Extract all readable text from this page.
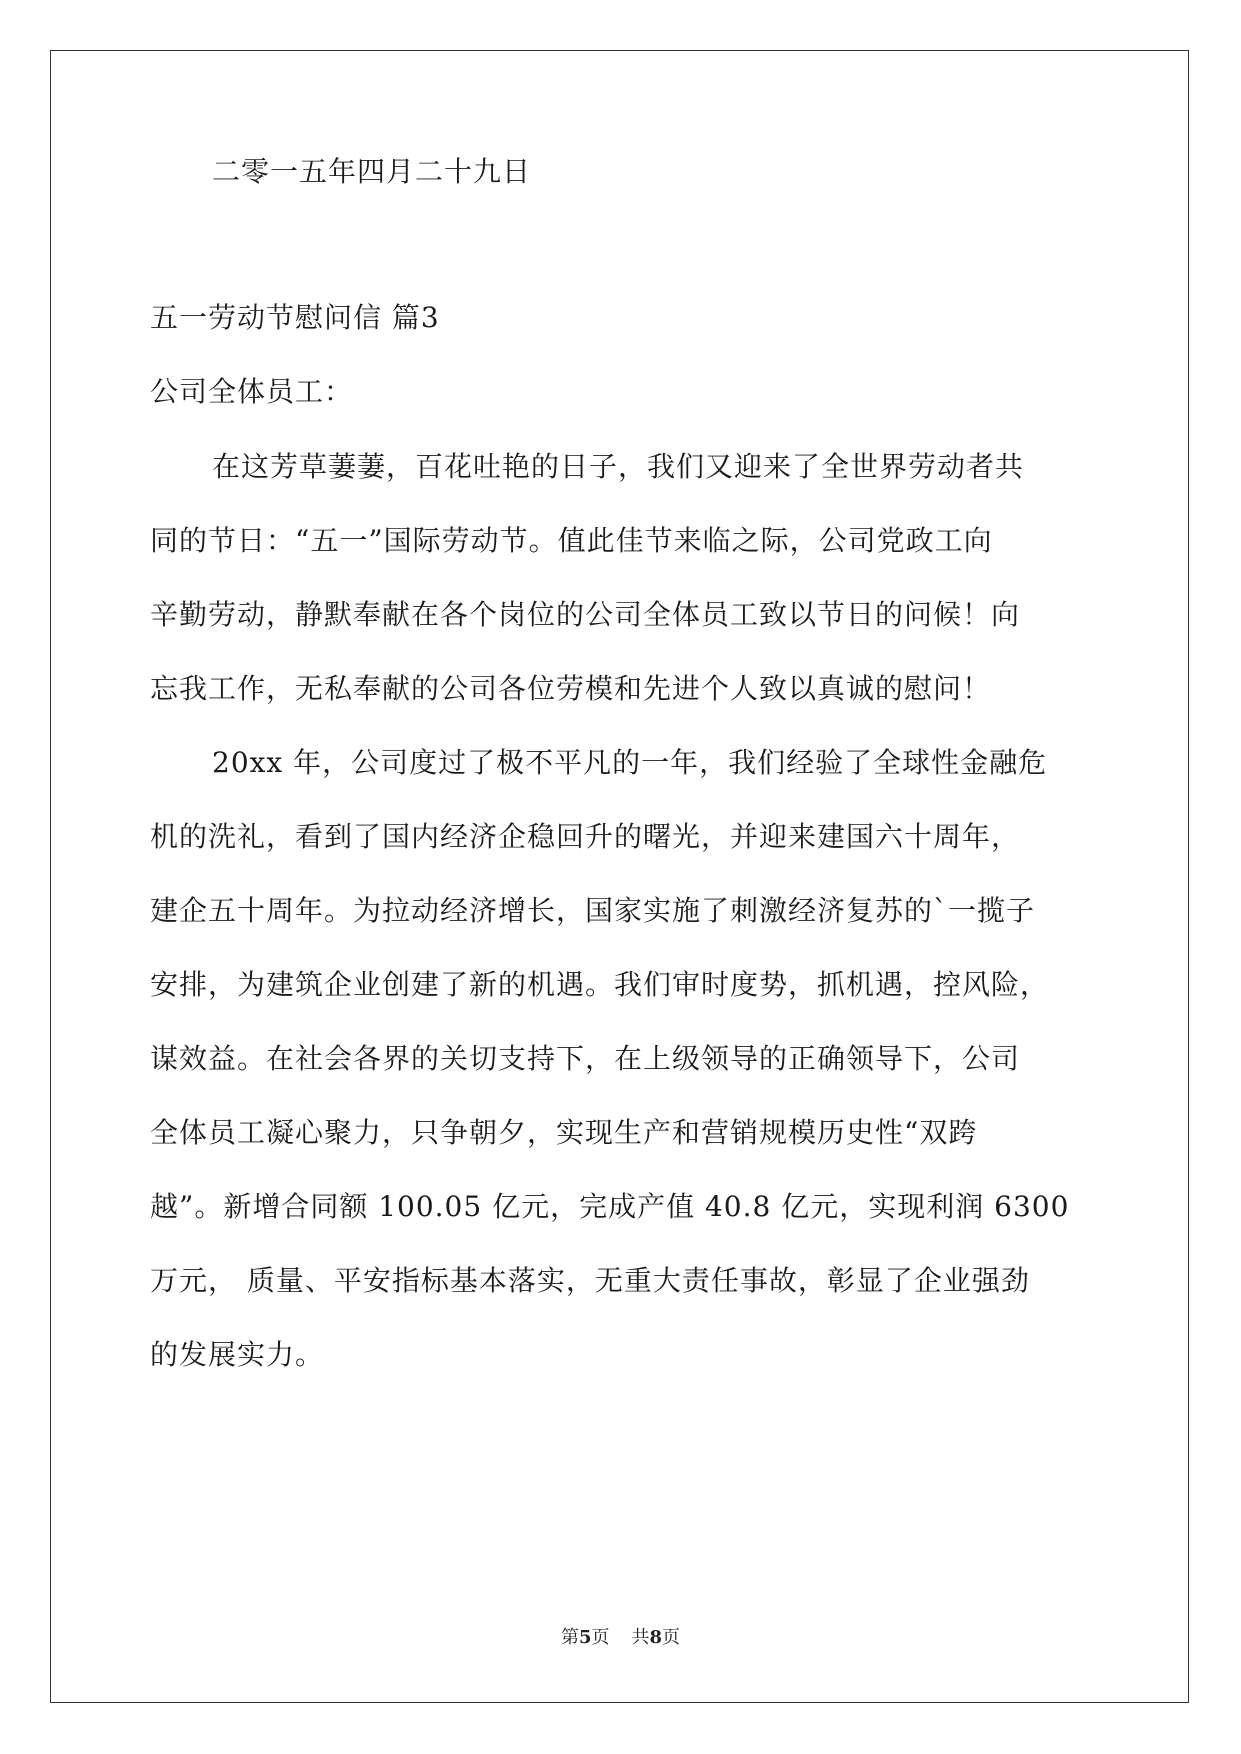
二零一五年四月二十九日
五一劳动节慰问信 篇3
公司全体员工：
在这芳草萋萋，百花吐艳的日子，我们又迎来了全世界劳动者共
同的节日：“五一”国际劳动节。值此佳节来临之际，公司党政工向
辛勤劳动，静默奉献在各个岗位的公司全体员工致以节日的问候！向
忘我工作，无私奉献的公司各位劳模和先进个人致以真诚的慰问！
20xx 年，公司度过了极不平凡的一年，我们经验了全球性金融危
机的洗礼，看到了国内经济企稳回升的曙光，并迎来建国六十周年，
建企五十周年。为拉动经济增长，国家实施了刺激经济复苏的`一揽子
安排，为建筑企业创建了新的机遇。我们审时度势，抓机遇，控风险，
谋效益。在社会各界的关切支持下，在上级领导的正确领导下，公司
全体员工凝心聚力，只争朝夕，实现生产和营销规模历史性“双跨
越”。新增合同额 100.05 亿元，完成产值 40.8 亿元，实现利润 6300
万元， 质量、平安指标基本落实，无重大责任事故，彰显了企业强劲
的发展实力。
第5页 共8页
